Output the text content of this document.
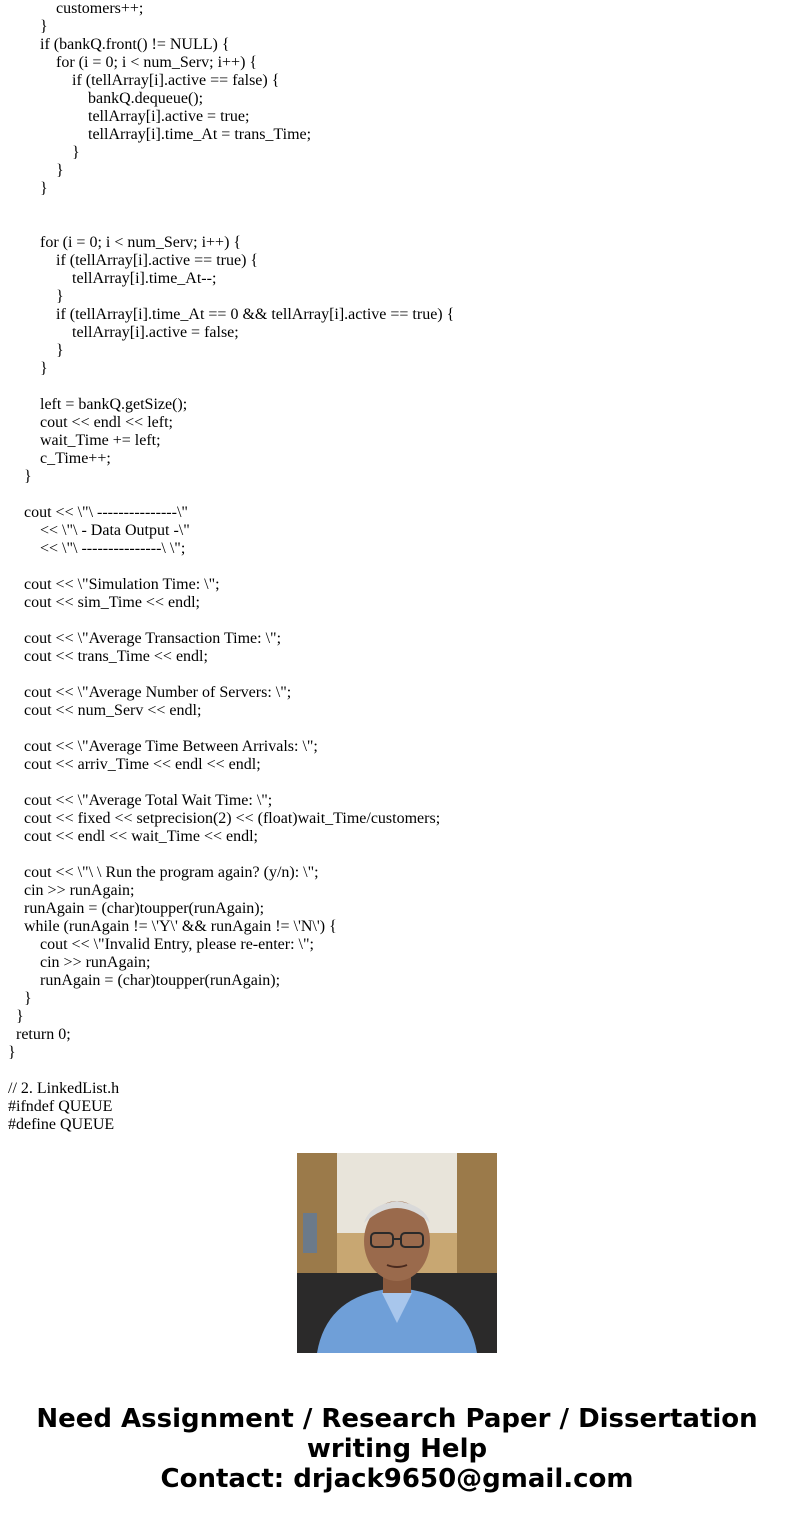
customers++;
}
if (bankQ.front() != NULL) {
for (i = 0; i < num_Serv; i++) {
if (tellArray[i].active == false) {
bankQ.dequeue();
tellArray[i].active = true;
tellArray[i].time_At = trans_Time;
}
}
}
for (i = 0; i < num_Serv; i++) {
if (tellArray[i].active == true) {
tellArray[i].time_At--;
}
if (tellArray[i].time_At == 0 && tellArray[i].active == true) {
tellArray[i].active = false;
}
}
left = bankQ.getSize();
cout << endl << left;
wait_Time += left;
c_Time++;
}
cout << \"\ ---------------\"
<< \"\ - Data Output -\"
<< \"\ ---------------\ \";
cout << \"Simulation Time: \";
cout << sim_Time << endl;
cout << \"Average Transaction Time: \";
cout << trans_Time << endl;
cout << \"Average Number of Servers: \";
cout << num_Serv << endl;
cout << \"Average Time Between Arrivals: \";
cout << arriv_Time << endl << endl;
cout << \"Average Total Wait Time: \";
cout << fixed << setprecision(2) << (float)wait_Time/customers;
cout << endl << wait_Time << endl;
cout << \"\ \ Run the program again? (y/n): \";
cin >> runAgain;
runAgain = (char)toupper(runAgain);
while (runAgain != \'Y\' && runAgain != \'N\') {
cout << \"Invalid Entry, please re-enter: \";
cin >> runAgain;
runAgain = (char)toupper(runAgain);
}
}
return 0;
}
// 2. LinkedList.h
#ifndef QUEUE
#define QUEUE
Need Assignment / Research Paper / Dissertation
writing Help
Contact: drjack9650@gmail.com
